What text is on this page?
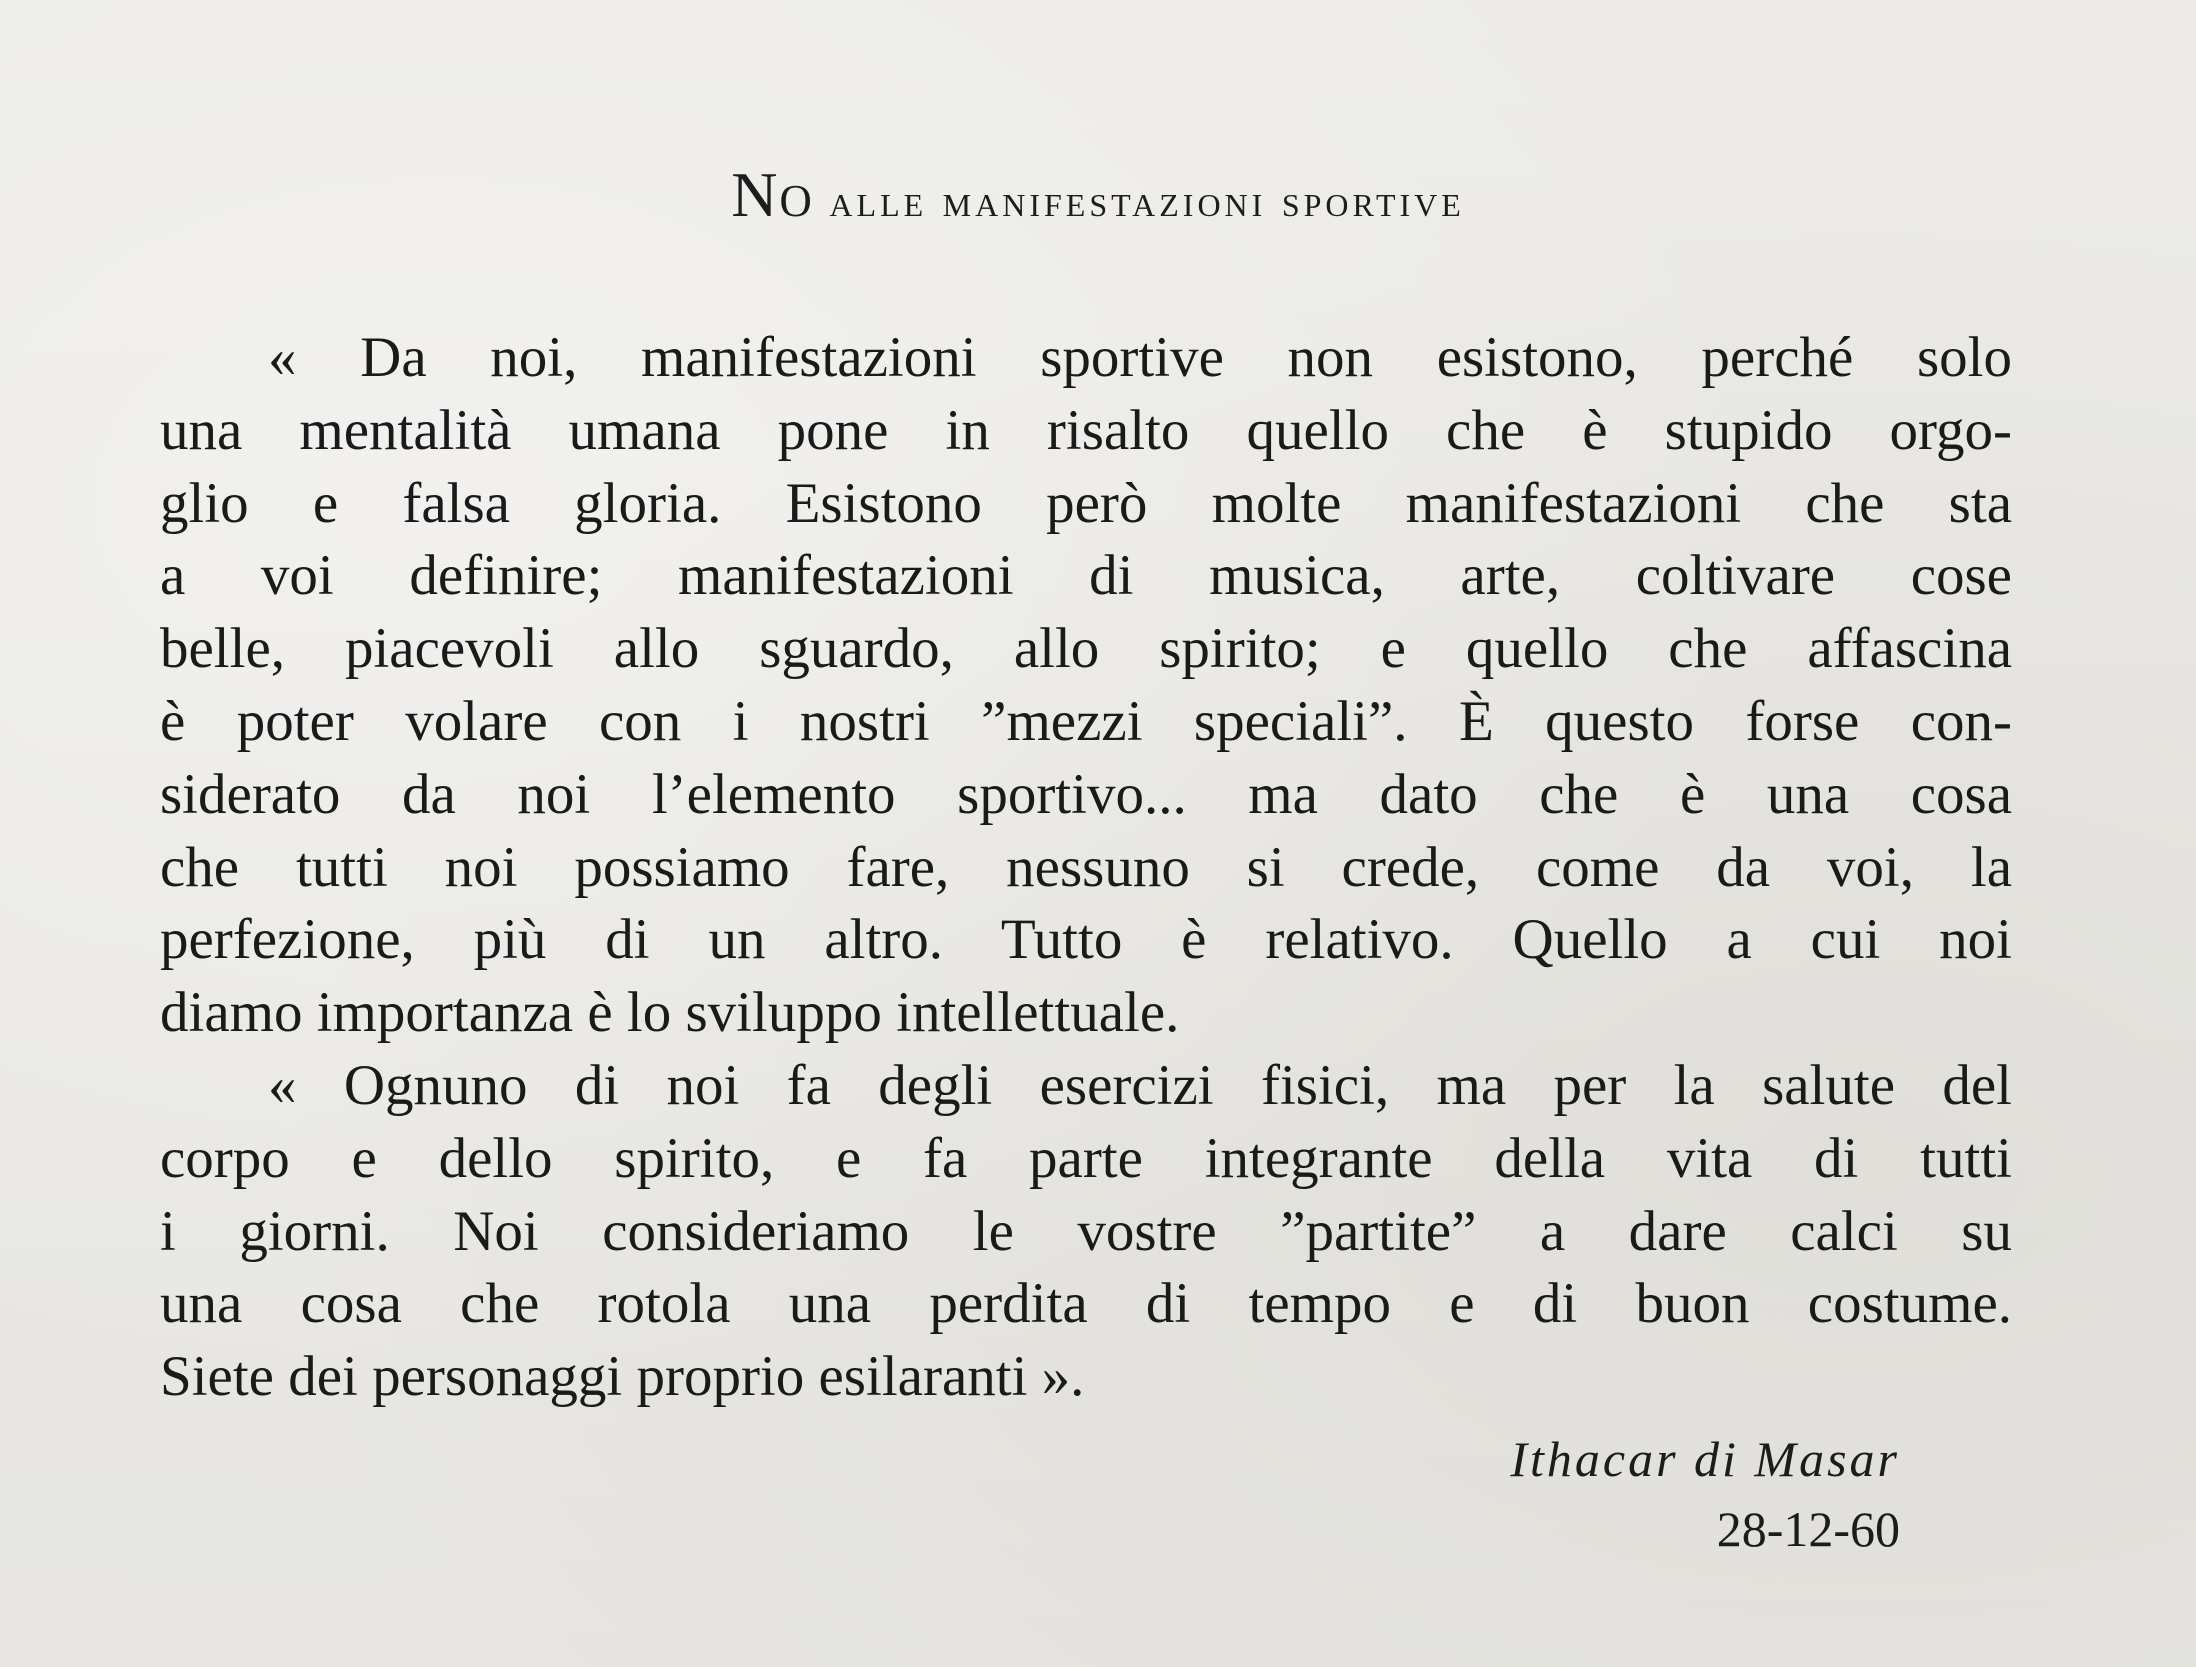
No alle manifestazioni sportive
« Da noi, manifestazioni sportive non esistono, perché solo
una mentalità umana pone in risalto quello che è stupido orgo-
glio e falsa gloria. Esistono però molte manifestazioni che sta
a voi definire; manifestazioni di musica, arte, coltivare cose
belle, piacevoli allo sguardo, allo spirito; e quello che affascina
è poter volare con i nostri ”mezzi speciali”. È questo forse con-
siderato da noi l’elemento sportivo... ma dato che è una cosa
che tutti noi possiamo fare, nessuno si crede, come da voi, la
perfezione, più di un altro. Tutto è relativo. Quello a cui noi
diamo importanza è lo sviluppo intellettuale.
« Ognuno di noi fa degli esercizi fisici, ma per la salute del
corpo e dello spirito, e fa parte integrante della vita di tutti
i giorni. Noi consideriamo le vostre ”partite” a dare calci su
una cosa che rotola una perdita di tempo e di buon costume.
Siete dei personaggi proprio esilaranti ».
Ithacar di Masar
28-12-60
